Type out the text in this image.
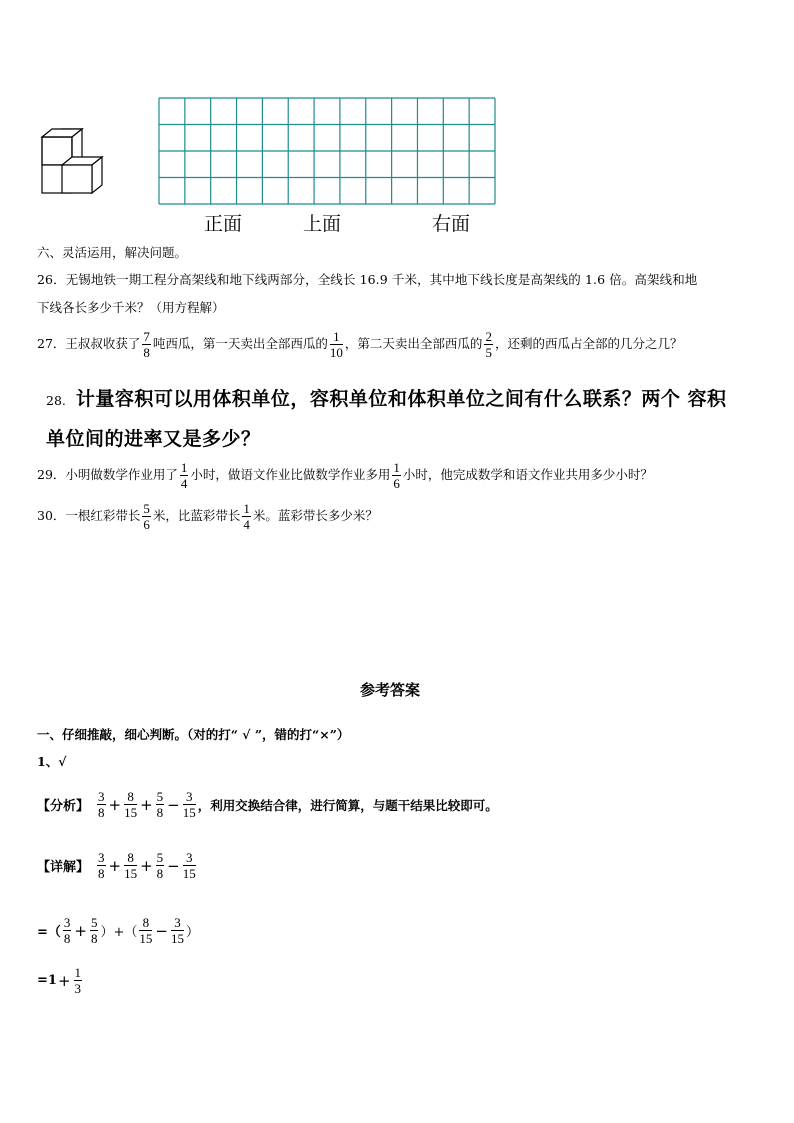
正面	上面	右面
六、灵活运用，解决问题。
26．无锡地铁一期工程分高架线和地下线两部分，全线长 16.9 千米，其中地下线长度是高架线的 1.6 倍。高架线和地
下线各长多少千米？（用方程解）
27．王叔叔收获了 $\frac{7}{8}$ 吨西瓜，第一天卖出全部西瓜的 $\frac{1}{10}$ ，第二天卖出全部西瓜的 $\frac{2}{5}$ ，还剩的西瓜占全部的几分之几？
28. 计量容积可以用体积单位，容积单位和体积单位之间有什么联系？两个 容积
单位间的进率又是多少？
29．小明做数学作业用了 $\frac{1}{4}$ 小时，做语文作业比做数学作业多用 $\frac{1}{6}$ 小时，他完成数学和语文作业共用多少小时？
30．一根红彩带长 $\frac{5}{6}$ 米，比蓝彩带长 $\frac{1}{4}$ 米。蓝彩带长多少米？
参考答案
一、仔细推敲，细心判断。（对的打“ √ ”，错的打“×”）
1、√
【分析】 $\frac{3}{8} + \frac{8}{15} + \frac{5}{8} - \frac{3}{15}$ ，利用交换结合律，进行简算，与题干结果比较即可。
【详解】 $\frac{3}{8} + \frac{8}{15} + \frac{5}{8} - \frac{3}{15}$
=（ $\frac{3}{8} + \frac{5}{8}$ ）+（ $\frac{8}{15} - \frac{3}{15}$ ）
$=1 + \frac{1}{3}$
